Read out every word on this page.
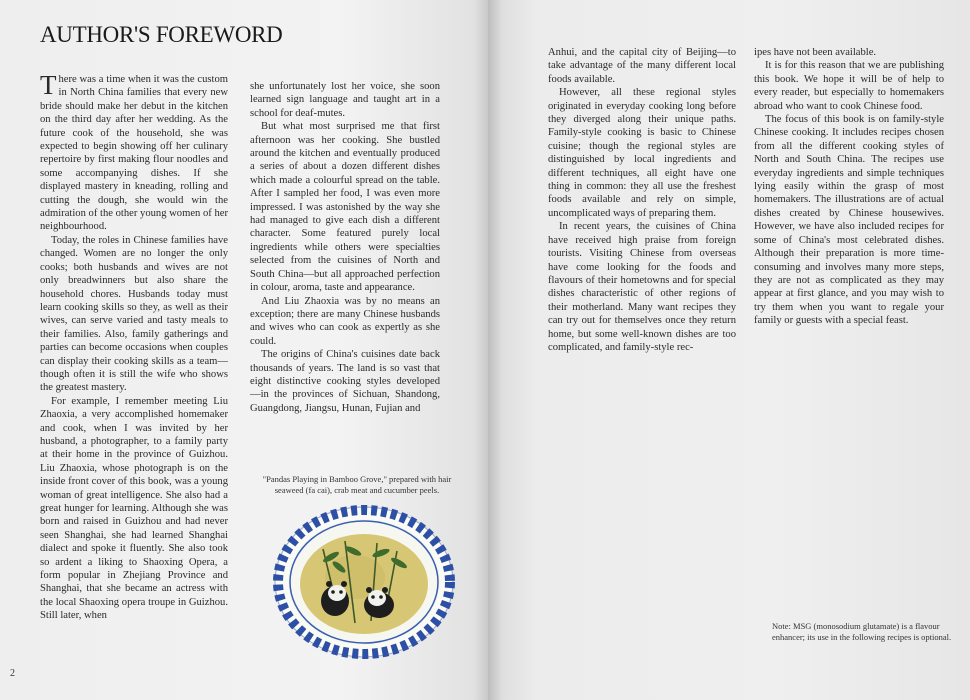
AUTHOR'S FOREWORD

There was a time when it was the custom in North China families that every new bride should make her debut in the kitchen on the third day after her wedding. As the future cook of the household, she was expected to begin showing off her culinary repertoire by first making flour noodles and some accompanying dishes. If she displayed mastery in kneading, rolling and cutting the dough, she would win the admiration of the other young women of her neighbourhood.

Today, the roles in Chinese families have changed. Women are no longer the only cooks; both husbands and wives are not only breadwinners but also share the household chores. Husbands today must learn cooking skills so they, as well as their wives, can serve varied and tasty meals to their families. Also, family gatherings and parties can become occasions when couples can display their cooking skills as a team—though often it is still the wife who shows the greatest mastery.

For example, I remember meeting Liu Zhaoxia, a very accomplished homemaker and cook, when I was invited by her husband, a photographer, to a family party at their home in the province of Guizhou. Liu Zhaoxia, whose photograph is on the inside front cover of this book, was a young woman of great intelligence. She also had a great hunger for learning. Although she was born and raised in Guizhou and had never seen Shanghai, she had learned Shanghai dialect and spoke it fluently. She also took so ardent a liking to Shaoxing Opera, a form popular in Zhejiang Province and Shanghai, that she became an actress with the local Shaoxing opera troupe in Guizhou. Still later, when

she unfortunately lost her voice, she soon learned sign language and taught art in a school for deaf-mutes.

But what most surprised me that first afternoon was her cooking. She bustled around the kitchen and eventually produced a series of about a dozen different dishes which made a colourful spread on the table. After I sampled her food, I was even more impressed. I was astonished by the way she had managed to give each dish a different character. Some featured purely local ingredients while others were specialties selected from the cuisines of North and South China—but all approached perfection in colour, aroma, taste and appearance.

And Liu Zhaoxia was by no means an exception; there are many Chinese husbands and wives who can cook as expertly as she could.

The origins of China's cuisines date back thousands of years. The land is so vast that eight distinctive cooking styles developed —in the provinces of Sichuan, Shandong, Guangdong, Jiangsu, Hunan, Fujian and

"Pandas Playing in Bamboo Grove," prepared with hair seaweed (fa cai), crab meat and cucumber peels.
2

Anhui, and the capital city of Beijing—to take advantage of the many different local foods available.

However, all these regional styles originated in everyday cooking long before they diverged along their unique paths. Family-style cooking is basic to Chinese cuisine; though the regional styles are distinguished by local ingredients and different techniques, all eight have one thing in common: they all use the freshest foods available and rely on simple, uncomplicated ways of preparing them.

In recent years, the cuisines of China have received high praise from foreign tourists. Visiting Chinese from overseas have come looking for the foods and flavours of their hometowns and for special dishes characteristic of other regions of their motherland. Many want recipes they can try out for themselves once they return home, but some well-known dishes are too complicated, and family-style rec-

ipes have not been available.

It is for this reason that we are publishing this book. We hope it will be of help to every reader, but especially to homemakers abroad who want to cook Chinese food.

The focus of this book is on family-style Chinese cooking. It includes recipes chosen from all the different cooking styles of North and South China. The recipes use everyday ingredients and simple techniques lying easily within the grasp of most homemakers. The illustrations are of actual dishes created by Chinese housewives. However, we have also included recipes for some of China's most celebrated dishes. Although their preparation is more time-consuming and involves many more steps, they are not as complicated as they may appear at first glance, and you may wish to try them when you want to regale your family or guests with a special feast.

Note: MSG (monosodium glutamate) is a flavour enhancer; its use in the following recipes is optional.
